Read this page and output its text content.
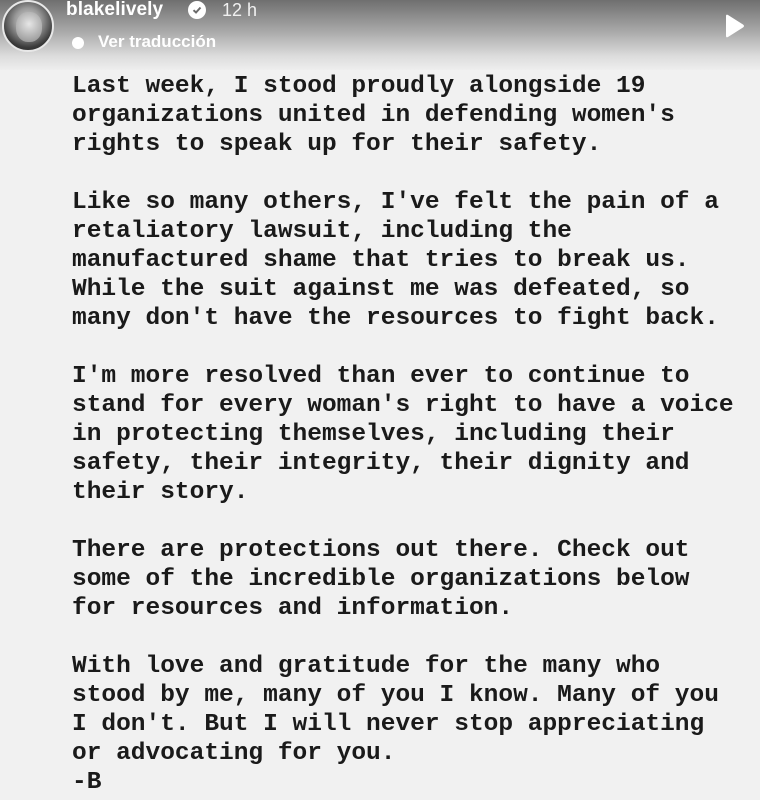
blakelively	12 h
Ver traducción
Last week, I stood proudly alongside 19
organizations united in defending women's
rights to speak up for their safety.
Like so many others, I've felt the pain of a
retaliatory lawsuit, including the
manufactured shame that tries to break us.
While the suit against me was defeated, so
many don't have the resources to fight back.
I'm more resolved than ever to continue to
stand for every woman's right to have a voice
in protecting themselves, including their
safety, their integrity, their dignity and
their story.
There are protections out there. Check out
some of the incredible organizations below
for resources and information.
With love and gratitude for the many who
stood by me, many of you I know. Many of you
I don't. But I will never stop appreciating
or advocating for you.
-B
